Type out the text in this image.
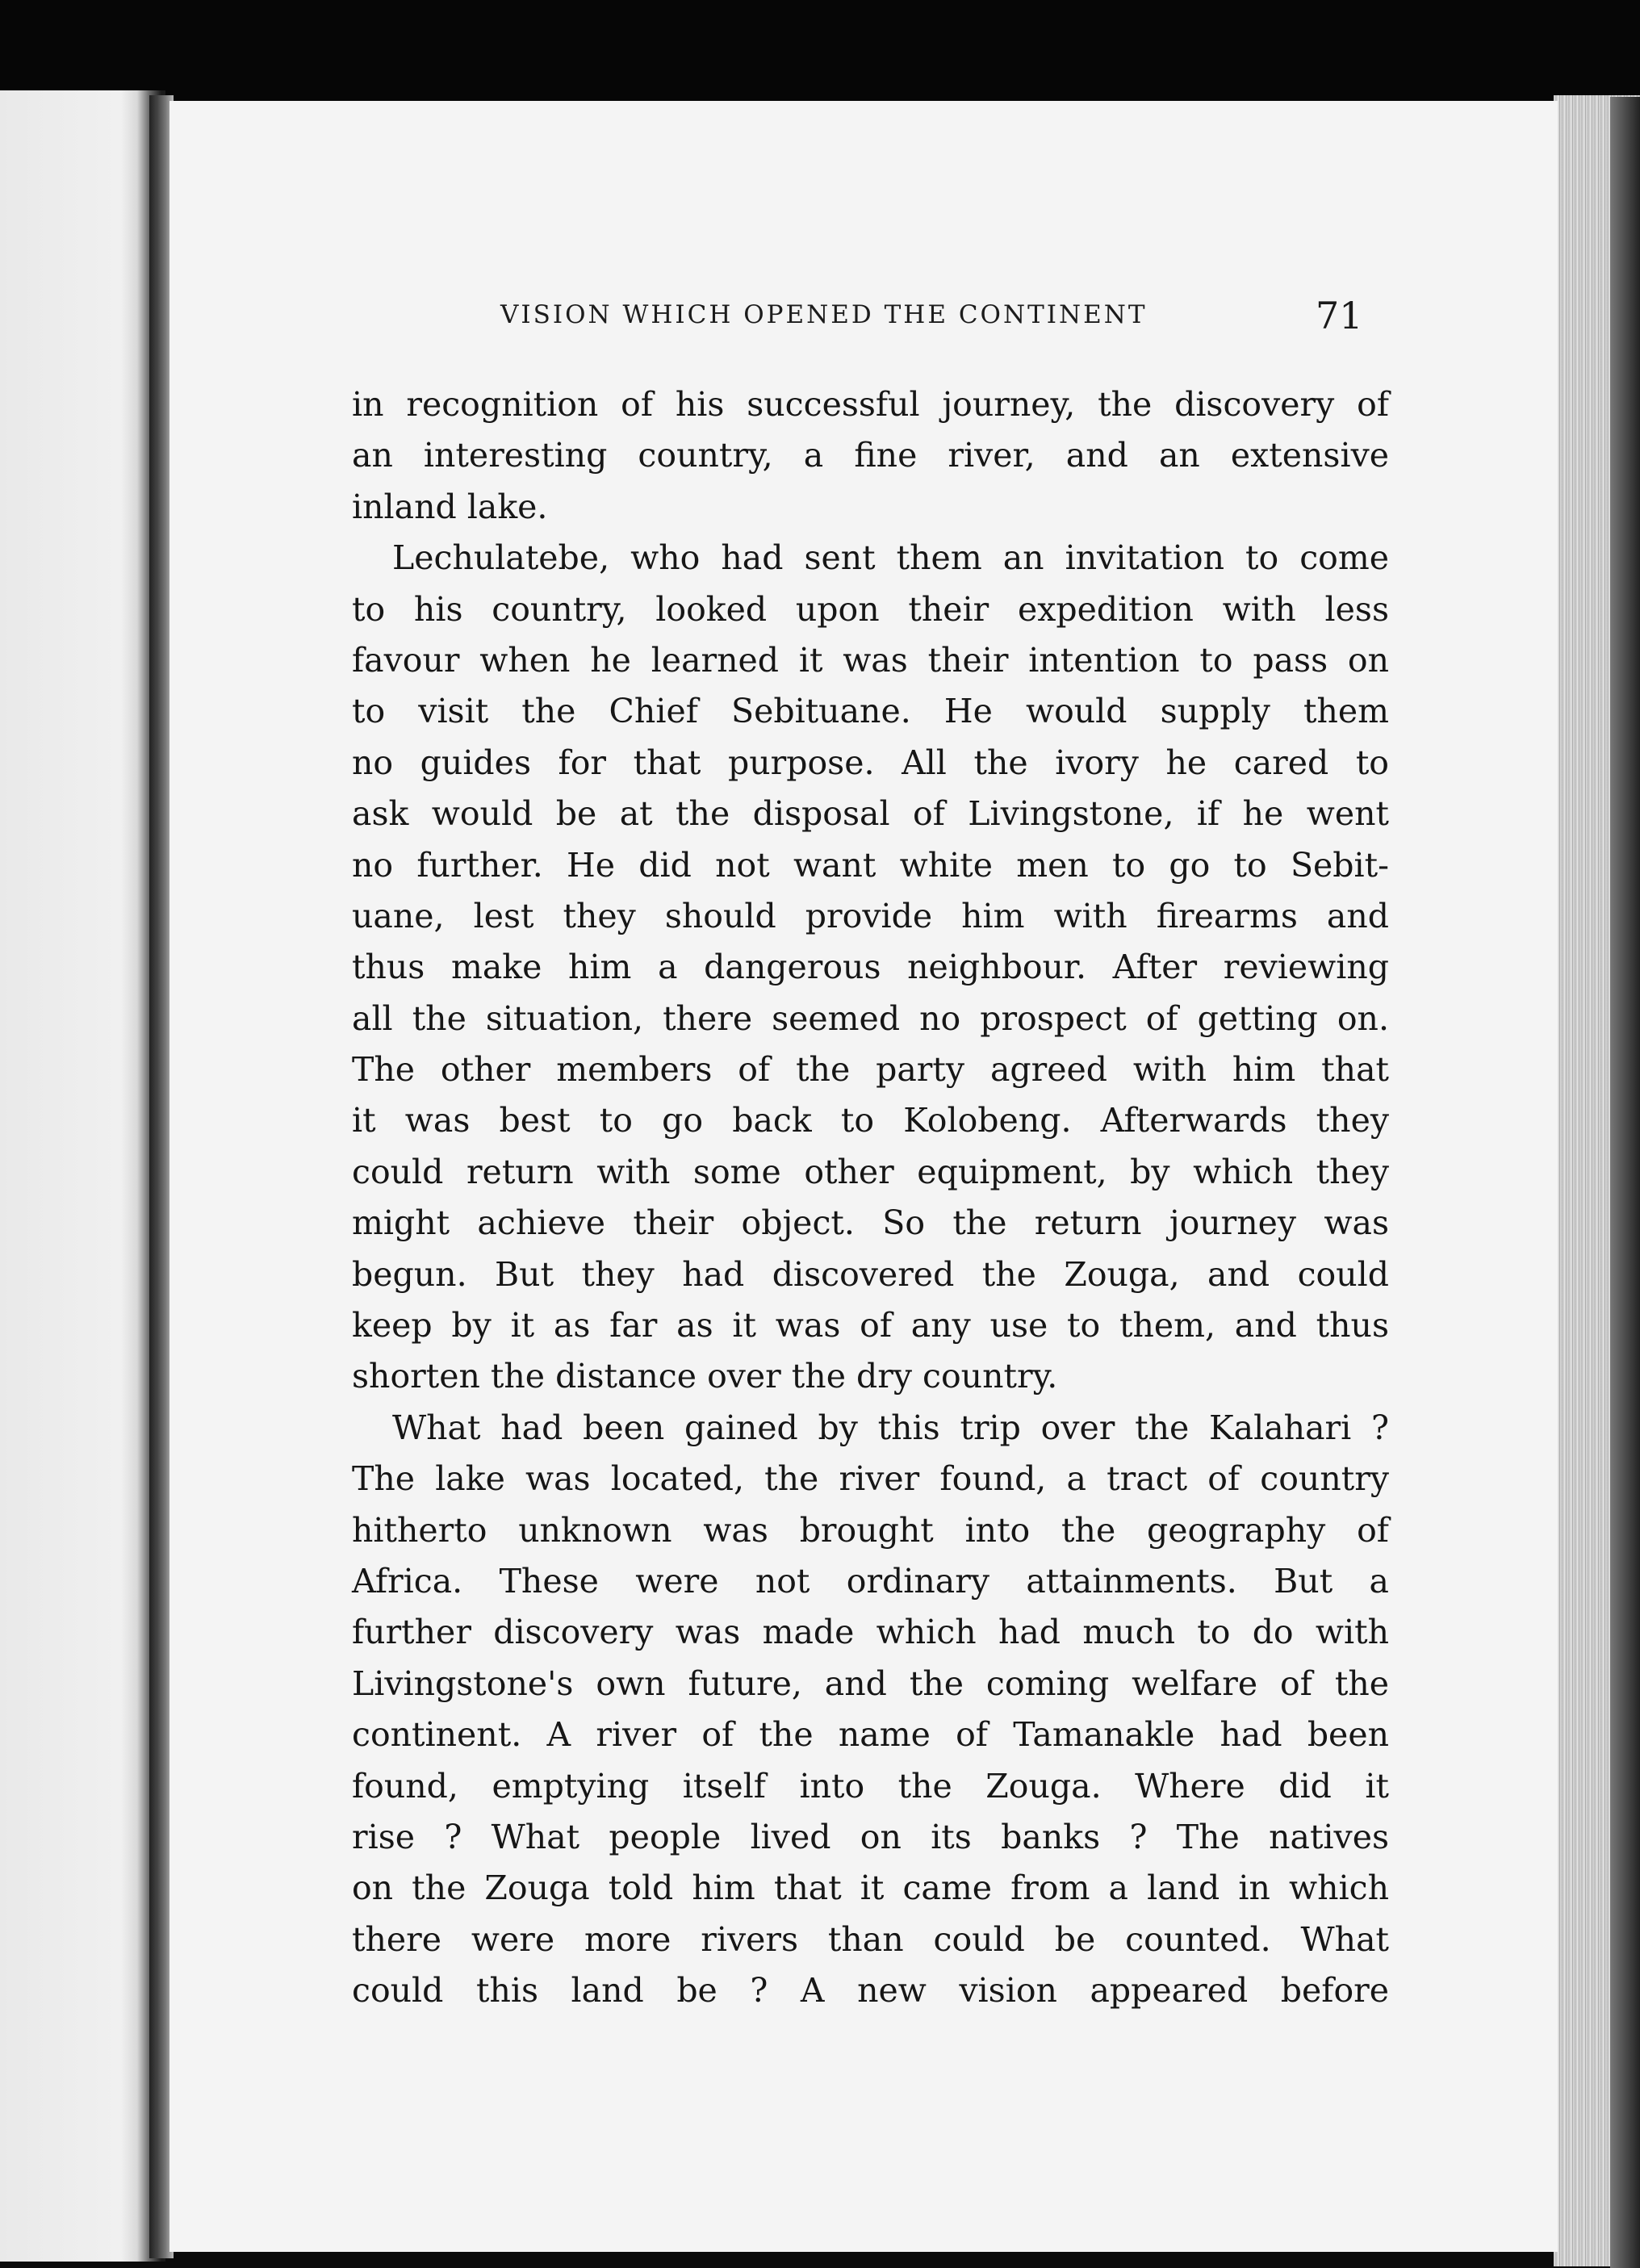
VISION WHICH OPENED THE CONTINENT	71
in recognition of his successful journey, the discovery of
an interesting country, a fine river, and an extensive
inland lake.
Lechulatebe, who had sent them an invitation to come
to his country, looked upon their expedition with less
favour when he learned it was their intention to pass on
to visit the Chief Sebituane. He would supply them
no guides for that purpose. All the ivory he cared to
ask would be at the disposal of Livingstone, if he went
no further. He did not want white men to go to Sebit-
uane, lest they should provide him with firearms and
thus make him a dangerous neighbour. After reviewing
all the situation, there seemed no prospect of getting on.
The other members of the party agreed with him that
it was best to go back to Kolobeng. Afterwards they
could return with some other equipment, by which they
might achieve their object. So the return journey was
begun. But they had discovered the Zouga, and could
keep by it as far as it was of any use to them, and thus
shorten the distance over the dry country.
What had been gained by this trip over the Kalahari ?
The lake was located, the river found, a tract of country
hitherto unknown was brought into the geography of
Africa. These were not ordinary attainments. But a
further discovery was made which had much to do with
Livingstone's own future, and the coming welfare of the
continent. A river of the name of Tamanakle had been
found, emptying itself into the Zouga. Where did it
rise ? What people lived on its banks ? The natives
on the Zouga told him that it came from a land in which
there were more rivers than could be counted. What
could this land be ? A new vision appeared before
